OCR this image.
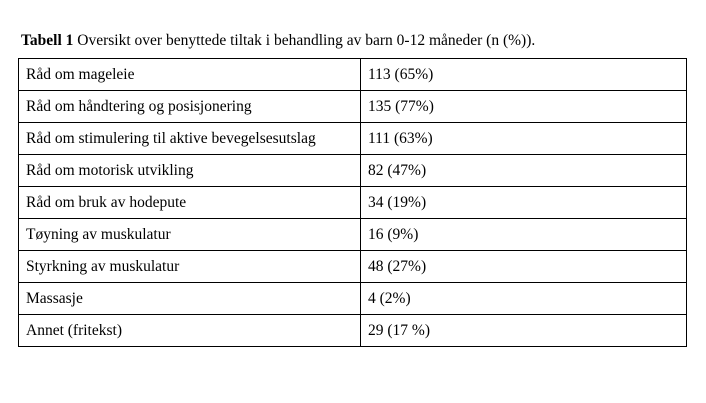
Tabell 1 Oversikt over benyttede tiltak i behandling av barn 0-12 måneder (n (%)).
Råd om mageleie	113 (65%)
Råd om håndtering og posisjonering	135 (77%)
Råd om stimulering til aktive bevegelsesutslag	111 (63%)
Råd om motorisk utvikling	82 (47%)
Råd om bruk av hodepute	34 (19%)
Tøyning av muskulatur	16 (9%)
Styrkning av muskulatur	48 (27%)
Massasje	4 (2%)
Annet (fritekst)	29 (17 %)
